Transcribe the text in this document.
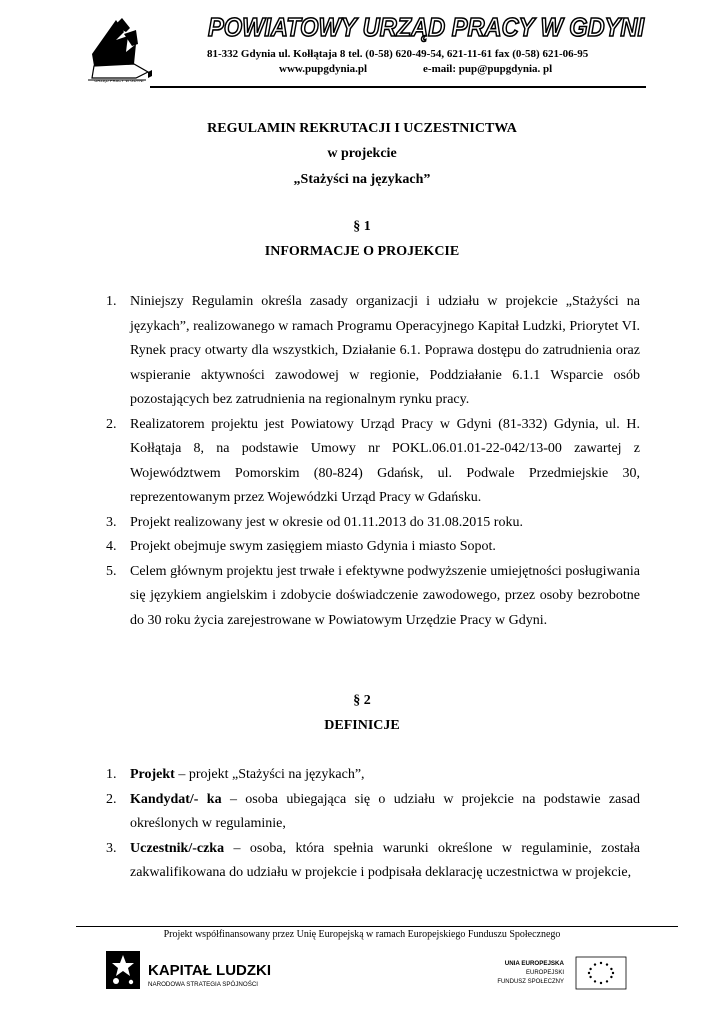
URZĄD PRACY W GDYNI
POWIATOWY URZĄD PRACY W GDYNI
81-332 Gdynia ul. Kołłątaja 8 tel. (0-58) 620-49-54, 621-11-61 fax (0-58) 621-06-95
www.pupgdynia.pl	e-mail: pup@pupgdynia. pl
REGULAMIN REKRUTACJI I UCZESTNICTWA
w projekcie
„Stażyści na językach”
§ 1
INFORMACJE O PROJEKCIE
1. Niniejszy Regulamin określa zasady organizacji i udziału w projekcie „Stażyści na językach”, realizowanego w ramach Programu Operacyjnego Kapitał Ludzki, Priorytet VI. Rynek pracy otwarty dla wszystkich, Działanie 6.1. Poprawa dostępu do zatrudnienia oraz wspieranie aktywności zawodowej w regionie, Poddziałanie 6.1.1 Wsparcie osób pozostających bez zatrudnienia na regionalnym rynku pracy.
2. Realizatorem projektu jest Powiatowy Urząd Pracy w Gdyni (81-332) Gdynia, ul. H. Kołłątaja 8, na podstawie Umowy nr POKL.06.01.01-22-042/13-00 zawartej z Województwem Pomorskim (80-824) Gdańsk, ul. Podwale Przedmiejskie 30, reprezentowanym przez Wojewódzki Urząd Pracy w Gdańsku.
3. Projekt realizowany jest w okresie od 01.11.2013 do 31.08.2015 roku.
4. Projekt obejmuje swym zasięgiem miasto Gdynia i miasto Sopot.
5. Celem głównym projektu jest trwałe i efektywne podwyższenie umiejętności posługiwania się językiem angielskim i zdobycie doświadczenie zawodowego, przez osoby bezrobotne do 30 roku życia zarejestrowane w Powiatowym Urzędzie Pracy w Gdyni.
§ 2
DEFINICJE
1. Projekt – projekt „Stażyści na językach”,
2. Kandydat/- ka – osoba ubiegająca się o udziału w projekcie na podstawie zasad określonych w regulaminie,
3. Uczestnik/-czka – osoba, która spełnia warunki określone w regulaminie, została zakwalifikowana do udziału w projekcie i podpisała deklarację uczestnictwa w projekcie,
Projekt współfinansowany przez Unię Europejską w ramach Europejskiego Funduszu Społecznego
KAPITAŁ LUDZKI
NARODOWA STRATEGIA SPÓJNOŚCI
UNIA EUROPEJSKA
EUROPEJSKI
FUNDUSZ SPOŁECZNY
